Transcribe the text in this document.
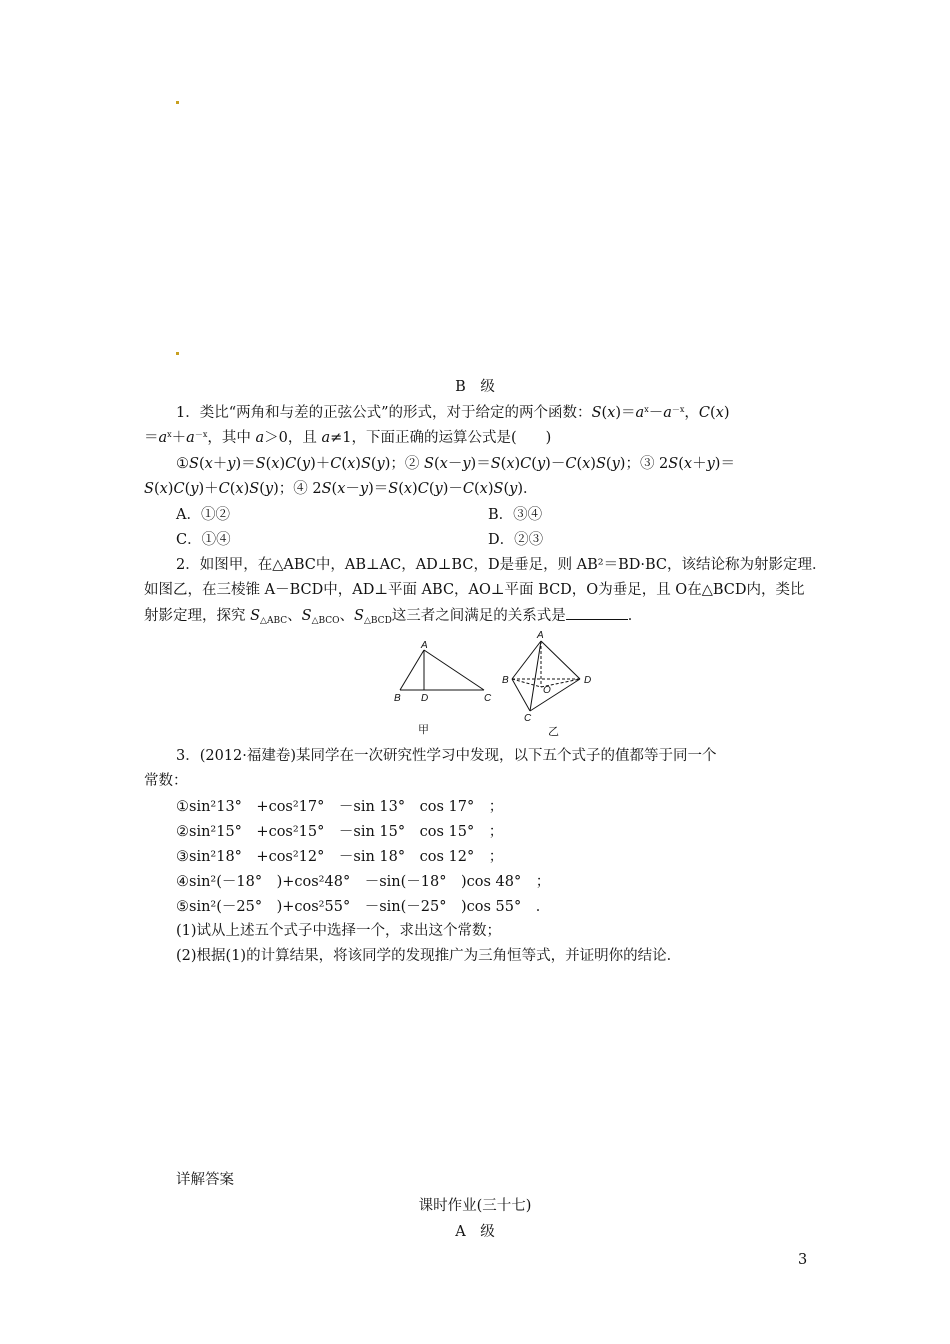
B　级
1．类比“两角和与差的正弦公式”的形式，对于给定的两个函数：$S(x)=a^x-a^{-x}$，C(x)
$=a^x+a^{-x}$，其中 a＞0，且 a≠1，下面正确的运算公式是(　　)
①S(x＋y)＝S(x)C(y)＋C(x)S(y)；② S(x－y)＝S(x)C(y)－C(x)S(y)；③ 2S(x＋y)＝
S(x)C(y)＋C(x)S(y)；④ 2S(x－y)＝S(x)C(y)－C(x)S(y)．
A．①②	B．③④
C．①④	D．②③
2．如图甲，在△ABC中，AB⊥AC，AD⊥BC，D是垂足，则 AB²＝BD·BC，该结论称为射影定理．
如图乙，在三棱锥 A－BCD中，AD⊥平面 ABC，AO⊥平面 BCD，O为垂足，且 O在△BCD内，类比
射影定理，探究 $S_{\triangle ABC}$、$S_{\triangle BCO}$、$S_{\triangle BCD}$这三者之间满足的关系式是	．
A
B D	C
甲
A
B	D
O
C
乙
3．(2012·福建卷)某同学在一次研究性学习中发现，以下五个式子的值都等于同一个
常数：
①sin²13°　+cos²17°　－sin 13°　cos 17°　；
②sin²15°　+cos²15°　－sin 15°　cos 15°　；
③sin²18°　+cos²12°　－sin 18°　cos 12°　；
④sin²(－18°　)+cos²48°　－sin(－18°　)cos 48°　；
⑤sin²(－25°　)+cos²55°　－sin(－25°　)cos 55°　．
(1)试从上述五个式子中选择一个，求出这个常数；
(2)根据(1)的计算结果，将该同学的发现推广为三角恒等式，并证明你的结论．
详解答案
课时作业(三十七)
A　级
3
